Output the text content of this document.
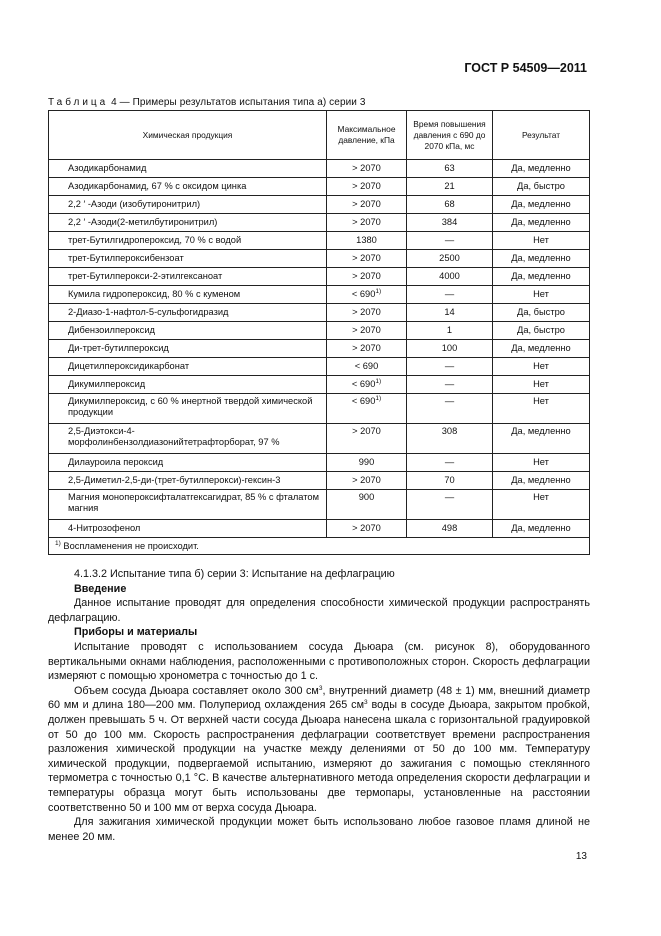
ГОСТ Р 54509—2011
Таблица 4 — Примеры результатов испытания типа а) серии 3
Химическая продукция	Максимальное давление, кПа	Время повышения давления с 690 до 2070 кПа, мс	Результат
Азодикарбонамид	> 2070	63	Да, медленно
Азодикарбонамид, 67 % с оксидом цинка	> 2070	21	Да, быстро
2,2 ′ -Азоди (изобутиронитрил)	> 2070	68	Да, медленно
2,2 ′ -Азоди(2-метилбутиронитрил)	> 2070	384	Да, медленно
трет-Бутилгидропероксид, 70 % с водой	1380	—	Нет
трет-Бутилпероксибензоат	> 2070	2500	Да, медленно
трет-Бутилперокси-2-этилгексаноат	> 2070	4000	Да, медленно
Кумила гидропероксид, 80 % с куменом	< $690^{1)}$	—	Нет
2-Диазо-1-нафтол-5-сульфогидразид	> 2070	14	Да, быстро
Дибензоилпероксид	> 2070	1	Да, быстро
Ди-трет-бутилпероксид	> 2070	100	Да, медленно
Дицетилпероксидикарбонат	< 690	—	Нет
Дикумилпероксид	< $690^{1)}$	—	Нет
Дикумилпероксид, с 60 % инертной твердой химической продукции	< $690^{1)}$	—	Нет
2,5-Диэтокси-4-морфолинбензолдиазонийтетрафторборат, 97 %	> 2070	308	Да, медленно
Дилауроила пероксид	990	—	Нет
2,5-Диметил-2,5-ди-(трет-бутилперокси)-гексин-3	> 2070	70	Да, медленно
Магния монопероксифталатгексагидрат, 85 % с фталатом магния	900	—	Нет
4-Нитрозофенол	> 2070	498	Да, медленно
$^{1)}$ Воспламенения не происходит.			

4.1.3.2 Испытание типа б) серии 3: Испытание на дефлаграцию

Введение

Данное испытание проводят для определения способности химической продукции распространять дефлаграцию.

Приборы и материалы

Испытание проводят с использованием сосуда Дьюара (см. рисунок 8), оборудованного вертикальными окнами наблюдения, расположенными с противоположных сторон. Скорость дефлаграции измеряют с помощью хронометра с точностью до 1 с.

Объем сосуда Дьюара составляет около 300 $см^3$, внутренний диаметр (48 ± 1) мм, внешний диаметр 60 мм и длина 180—200 мм. Полупериод охлаждения 265 $см^3$ воды в сосуде Дьюара, закрытом пробкой, должен превышать 5 ч. От верхней части сосуда Дьюара нанесена шкала с горизонтальной градуировкой от 50 до 100 мм. Скорость распространения дефлаграции соответствует времени распространения разложения химической продукции на участке между делениями от 50 до 100 мм. Температуру химической продукции, подвергаемой испытанию, измеряют до зажигания с помощью стеклянного термометра с точностью 0,1 °С. В качестве альтернативного метода определения скорости дефлаграции и температуры образца могут быть использованы две термопары, установленные на расстоянии соответственно 50 и 100 мм от верха сосуда Дьюара.

Для зажигания химической продукции может быть использовано любое газовое пламя длиной не менее 20 мм.

13
